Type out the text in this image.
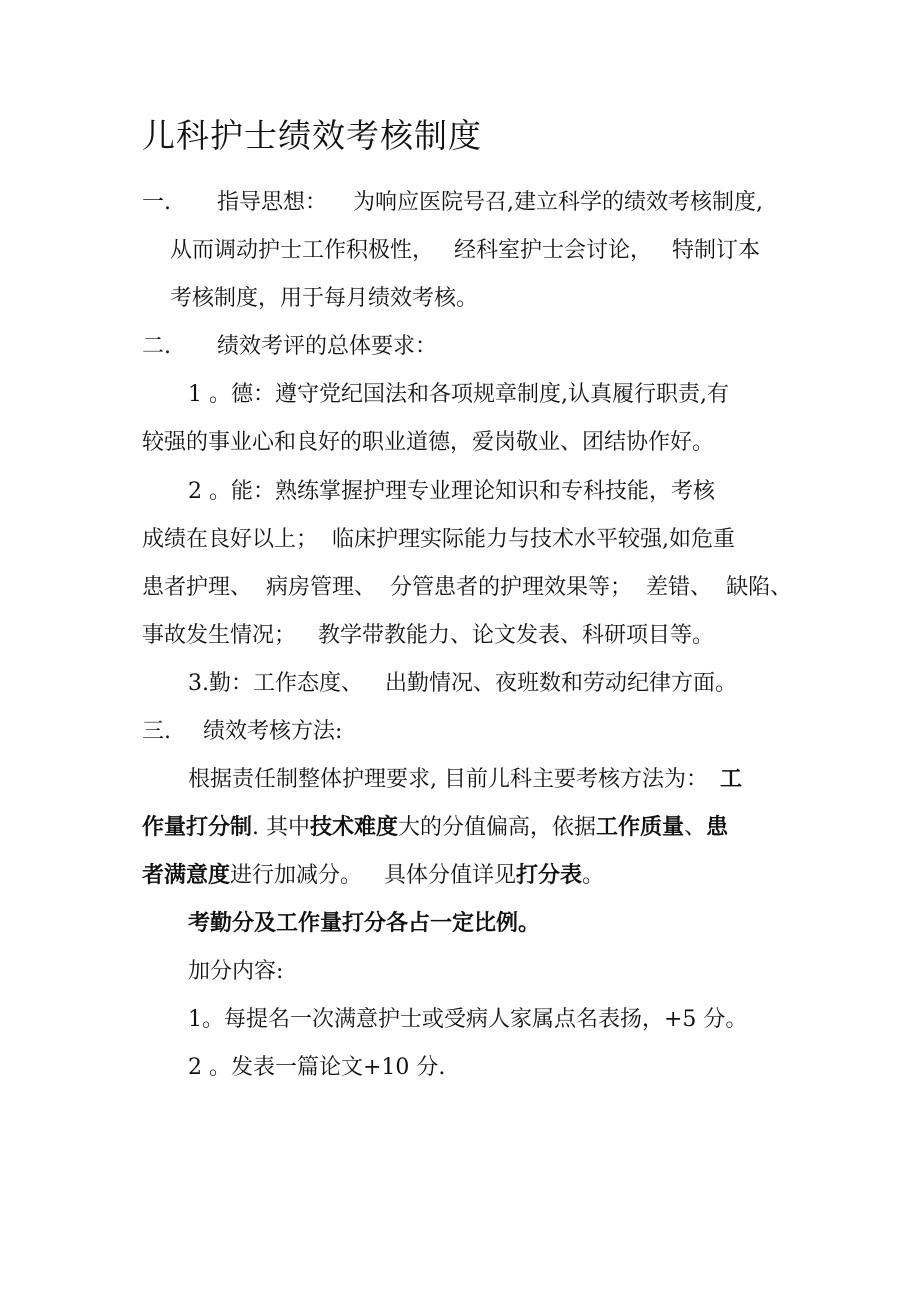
儿科护士绩效考核制度
一. 指导思想： 为响应医院号召,建立科学的绩效考核制度,
从而调动护士工作积极性， 经科室护士会讨论， 特制订本
考核制度，用于每月绩效考核。
二. 绩效考评的总体要求：
1 。德：遵守党纪国法和各项规章制度,认真履行职责,有
较强的事业心和良好的职业道德，爱岗敬业、团结协作好。
2 。能：熟练掌握护理专业理论知识和专科技能，考核
成绩在良好以上； 临床护理实际能力与技术水平较强,如危重
患者护理、 病房管理、 分管患者的护理效果等； 差错、 缺陷、
事故发生情况； 教学带教能力、论文发表、科研项目等。
3.勤：工作态度、 出勤情况、夜班数和劳动纪律方面。
三. 绩效考核方法:
根据责任制整体护理要求, 目前儿科主要考核方法为： 工
作量打分制. 其中技术难度大的分值偏高，依据工作质量、患
者满意度进行加减分。 具体分值详见打分表。
考勤分及工作量打分各占一定比例。
加分内容:
1。每提名一次满意护士或受病人家属点名表扬，+5 分。
2 。发表一篇论文+10 分.
